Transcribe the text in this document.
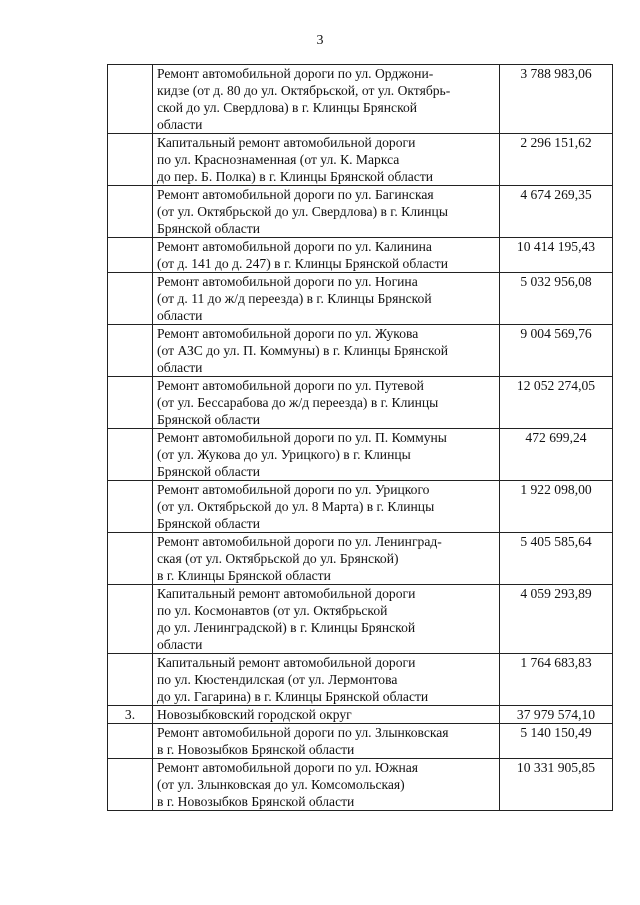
3
	Ремонт автомобильной дороги по ул. Орджони-
кидзе (от д. 80 до ул. Октябрьской, от ул. Октябрь-
ской до ул. Свердлова) в г. Клинцы Брянской
области	3 788 983,06
	Капитальный ремонт автомобильной дороги
по ул. Краснознаменная (от ул. К. Маркса
до пер. Б. Полка) в г. Клинцы Брянской области	2 296 151,62
	Ремонт автомобильной дороги по ул. Багинская
(от ул. Октябрьской до ул. Свердлова) в г. Клинцы
Брянской области	4 674 269,35
	Ремонт автомобильной дороги по ул. Калинина
(от д. 141 до д. 247) в г. Клинцы Брянской области	10 414 195,43
	Ремонт автомобильной дороги по ул. Ногина
(от д. 11 до ж/д переезда) в г. Клинцы Брянской
области	5 032 956,08
	Ремонт автомобильной дороги по ул. Жукова
(от АЗС до ул. П. Коммуны) в г. Клинцы Брянской
области	9 004 569,76
	Ремонт автомобильной дороги по ул. Путевой
(от ул. Бессарабова до ж/д переезда) в г. Клинцы
Брянской области	12 052 274,05
	Ремонт автомобильной дороги по ул. П. Коммуны
(от ул. Жукова до ул. Урицкого) в г. Клинцы
Брянской области	472 699,24
	Ремонт автомобильной дороги по ул. Урицкого
(от ул. Октябрьской до ул. 8 Марта) в г. Клинцы
Брянской области	1 922 098,00
	Ремонт автомобильной дороги по ул. Ленинград-
ская (от ул. Октябрьской до ул. Брянской)
в г. Клинцы Брянской области	5 405 585,64
	Капитальный ремонт автомобильной дороги
по ул. Космонавтов (от ул. Октябрьской
до ул. Ленинградской) в г. Клинцы Брянской
области	4 059 293,89
	Капитальный ремонт автомобильной дороги
по ул. Кюстендилская (от ул. Лермонтова
до ул. Гагарина) в г. Клинцы Брянской области	1 764 683,83
3.	Новозыбковский городской округ	37 979 574,10
	Ремонт автомобильной дороги по ул. Злынковская
в г. Новозыбков Брянской области	5 140 150,49
	Ремонт автомобильной дороги по ул. Южная
(от ул. Злынковская до ул. Комсомольская)
в г. Новозыбков Брянской области	10 331 905,85
